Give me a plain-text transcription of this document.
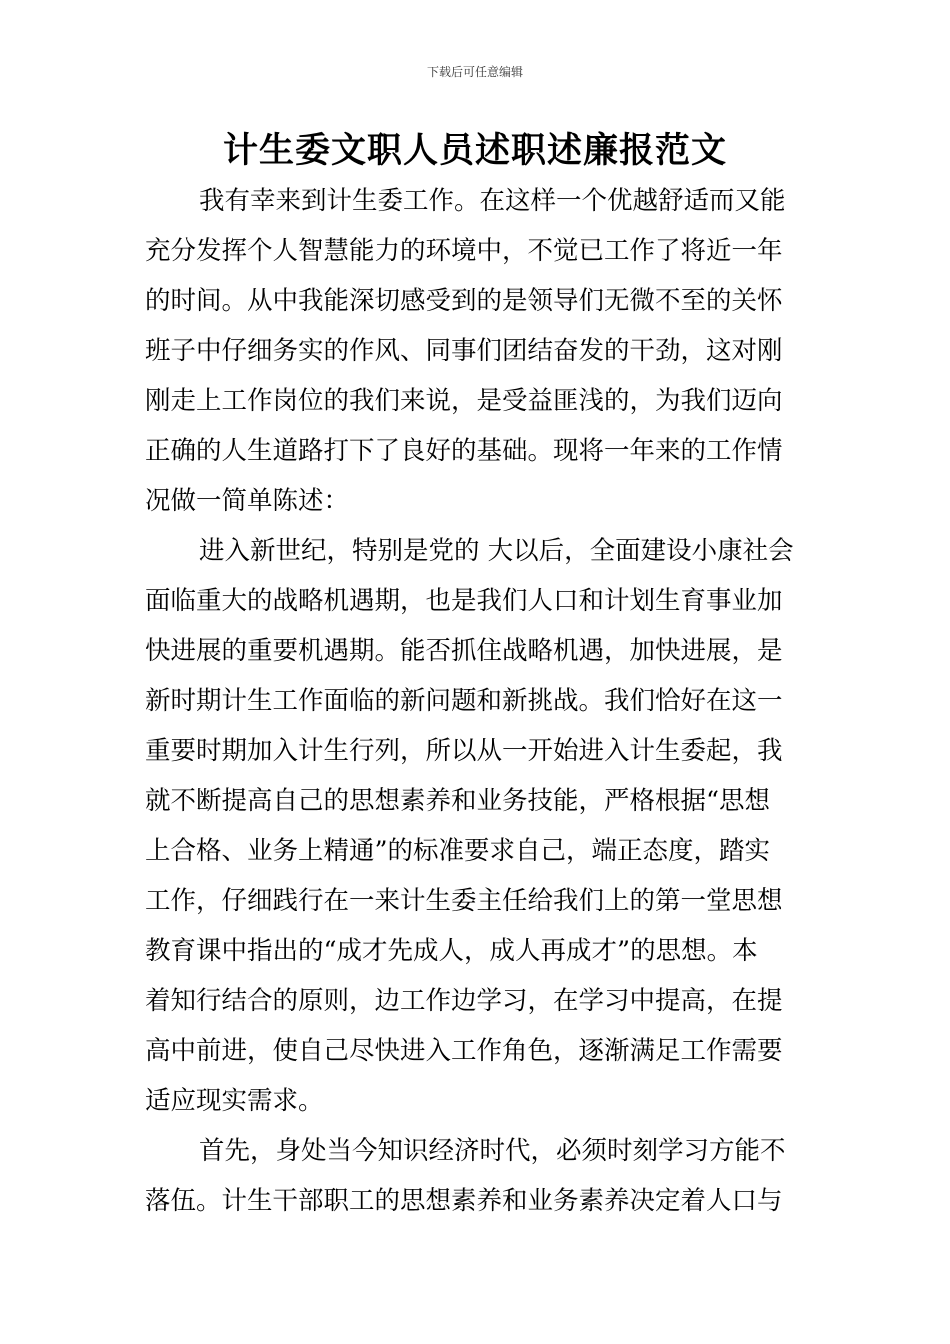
下载后可任意编辑
计生委文职人员述职述廉报范文
我有幸来到计生委工作。在这样一个优越舒适而又能
充分发挥个人智慧能力的环境中，不觉已工作了将近一年
的时间。从中我能深切感受到的是领导们无微不至的关怀
班子中仔细务实的作风、同事们团结奋发的干劲，这对刚
刚走上工作岗位的我们来说，是受益匪浅的，为我们迈向
正确的人生道路打下了良好的基础。现将一年来的工作情
况做一简单陈述：
进入新世纪，特别是党的 大以后，全面建设小康社会
面临重大的战略机遇期，也是我们人口和计划生育事业加
快进展的重要机遇期。能否抓住战略机遇，加快进展，是
新时期计生工作面临的新问题和新挑战。我们恰好在这一
重要时期加入计生行列，所以从一开始进入计生委起，我
就不断提高自己的思想素养和业务技能，严格根据“思想
上合格、业务上精通”的标准要求自己，端正态度，踏实
工作，仔细践行在一来计生委主任给我们上的第一堂思想
教育课中指出的“成才先成人，成人再成才”的思想。本
着知行结合的原则，边工作边学习，在学习中提高，在提
高中前进，使自己尽快进入工作角色，逐渐满足工作需要
适应现实需求。
首先，身处当今知识经济时代，必须时刻学习方能不
落伍。计生干部职工的思想素养和业务素养决定着人口与
